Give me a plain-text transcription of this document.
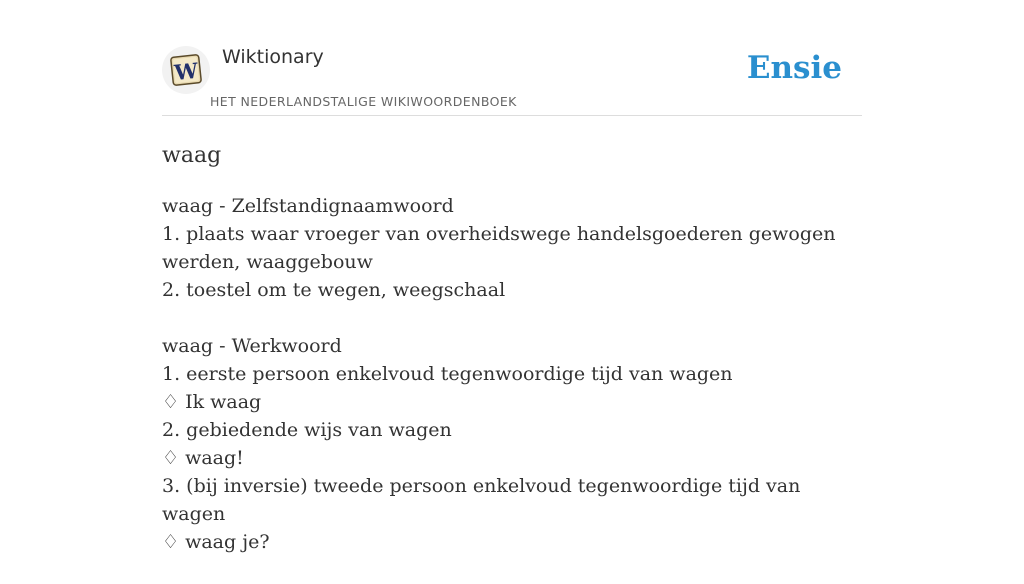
W
Wiktionary
HET NEDERLANDSTALIGE WIKIWOORDENBOEK
Ensie
waag
waag - Zelfstandignaamwoord
1. plaats waar vroeger van overheidswege handelsgoederen gewogen werden, waaggebouw
2. toestel om te wegen, weegschaal
waag - Werkwoord
1. eerste persoon enkelvoud tegenwoordige tijd van wagen
♢ Ik waag
2. gebiedende wijs van wagen
♢ waag!
3. (bij inversie) tweede persoon enkelvoud tegenwoordige tijd van wagen
♢ waag je?
